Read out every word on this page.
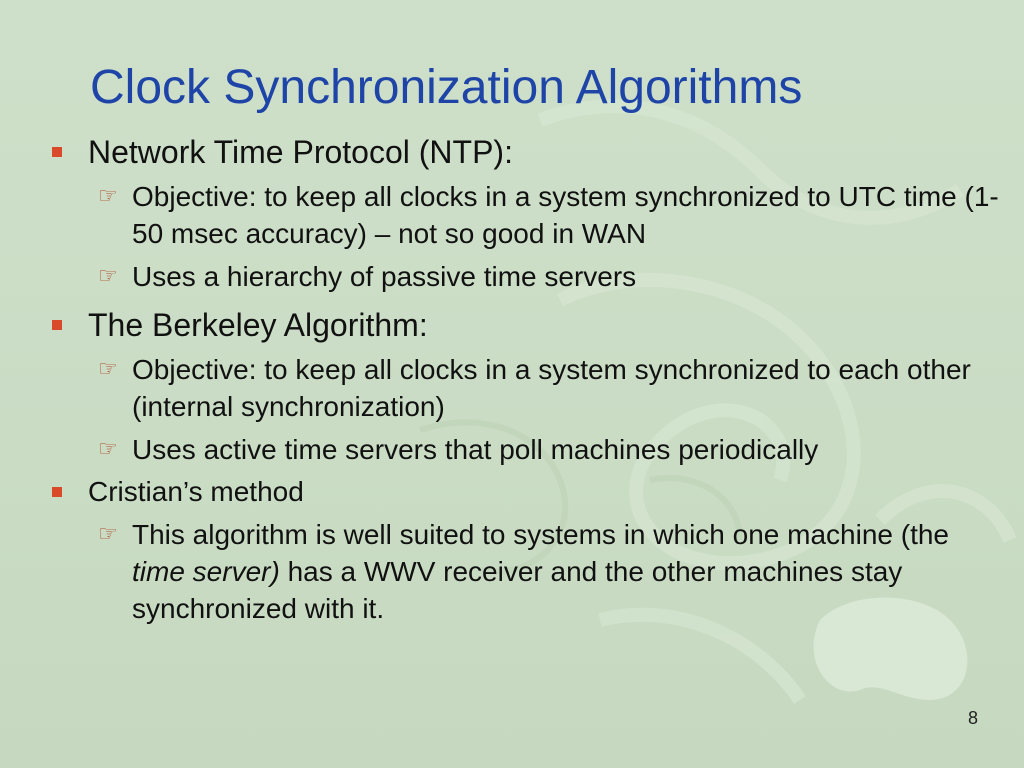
Clock Synchronization Algorithms
Network Time Protocol (NTP):
☞ Objective: to keep all clocks in a system synchronized to UTC time (1-50 msec accuracy) – not so good in WAN
☞ Uses a hierarchy of passive time servers
The Berkeley Algorithm:
☞ Objective: to keep all clocks in a system synchronized to each other (internal synchronization)
☞ Uses active time servers that poll machines periodically
Cristian’s method
☞ This algorithm is well suited to systems in which one machine (the time server) has a WWV receiver and the other machines stay synchronized with it.
8
